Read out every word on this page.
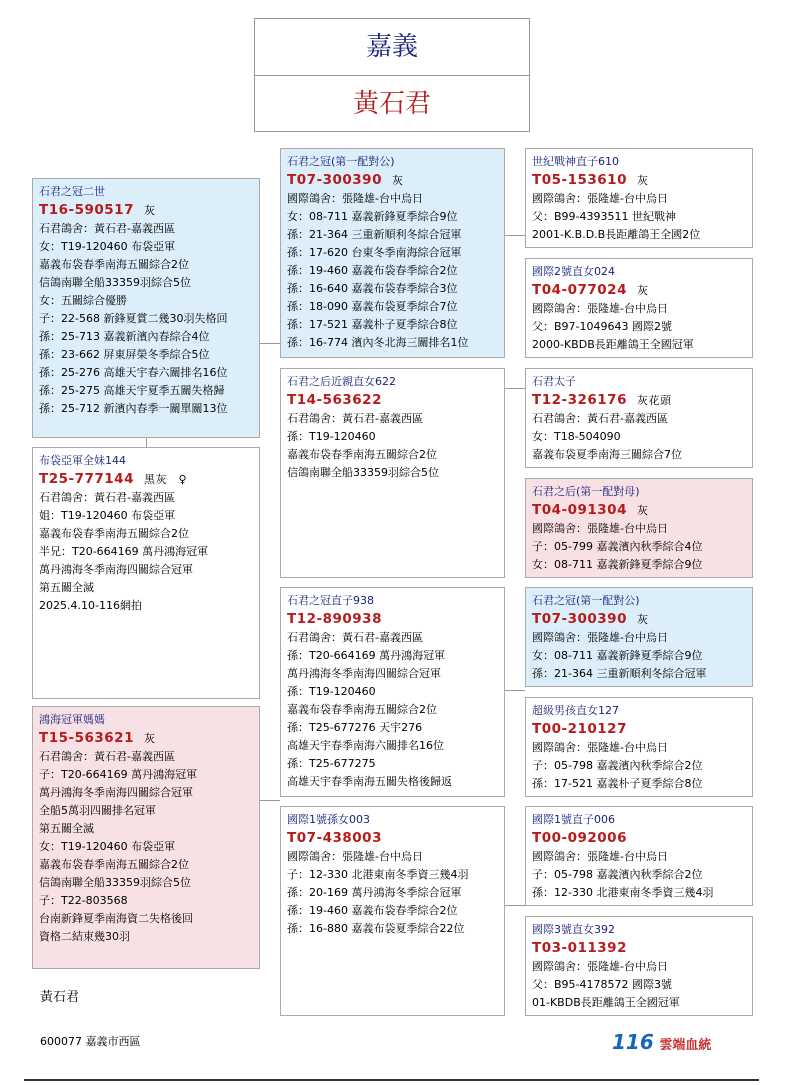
嘉義
黃石君
石君之冠二世
T16-590517 灰
石君鴿舍：黃石君-嘉義西區
女：T19-120460 布袋亞軍
嘉義布袋春季南海五關綜合2位
信鴿南聯全船33359羽綜合5位
女：五關綜合優勝
子：22-568 新鋒夏賞二幾30羽失格回
孫：25-713 嘉義新濱內春綜合4位
孫：23-662 屏東屏榮冬季綜合5位
孫：25-276 高雄天宇春六關排名16位
孫：25-275 高雄天宇夏季五關失格歸
孫：25-712 新濱內春季一關單關13位
布袋亞軍全妹144
T25-777144 黑灰　♀
石君鴿舍：黃石君-嘉義西區
姐：T19-120460 布袋亞軍
嘉義布袋春季南海五關綜合2位
半兄：T20-664169 萬丹鴻海冠軍
萬丹鴻海冬季南海四關綜合冠軍
第五關全滅
2025.4.10-116網拍
鴻海冠軍媽媽
T15-563621 灰
石君鴿舍：黃石君-嘉義西區
子：T20-664169 萬丹鴻海冠軍
萬丹鴻海冬季南海四關綜合冠軍
全船5萬羽四關排名冠軍
第五關全滅
女：T19-120460 布袋亞軍
嘉義布袋春季南海五關綜合2位
信鴿南聯全船33359羽綜合5位
子：T22-803568
台南新鋒夏季南海資二失格後回
資格二結束幾30羽
石君之冠(第一配對公)
T07-300390 灰
國際鴿舍：張隆雄-台中烏日
女：08-711 嘉義新鋒夏季綜合9位
孫：21-364 三重新順利冬綜合冠軍
孫：17-620 台東冬季南海綜合冠軍
孫：19-460 嘉義布袋春季綜合2位
孫：16-640 嘉義布袋春季綜合3位
孫：18-090 嘉義布袋夏季綜合7位
孫：17-521 嘉義朴子夏季綜合8位
孫：16-774 濱內冬北海三關排名1位
石君之后近親直女622
T14-563622
石君鴿舍：黃石君-嘉義西區
孫：T19-120460
嘉義布袋春季南海五關綜合2位
信鴿南聯全船33359羽綜合5位
石君之冠直子938
T12-890938
石君鴿舍：黃石君-嘉義西區
孫：T20-664169 萬丹鴻海冠軍
萬丹鴻海冬季南海四關綜合冠軍
孫：T19-120460
嘉義布袋春季南海五關綜合2位
孫：T25-677276 天宇276
高雄天宇春季南海六關排名16位
孫：T25-677275
高雄天宇春季南海五關失格後歸返
國際1號孫女003
T07-438003
國際鴿舍：張隆雄-台中烏日
子：12-330 北港東南冬季資三幾4羽
孫：20-169 萬丹鴻海冬季綜合冠軍
孫：19-460 嘉義布袋春季綜合2位
孫：16-880 嘉義布袋夏季綜合22位
世紀戰神直子610
T05-153610 灰
國際鴿舍：張隆雄-台中烏日
父：B99-4393511 世紀戰神
2001-K.B.D.B長距離鴿王全國2位
國際2號直女024
T04-077024 灰
國際鴿舍：張隆雄-台中烏日
父：B97-1049643 國際2號
2000-KBDB長距離鴿王全國冠軍
石君太子
T12-326176 灰花頭
石君鴿舍：黃石君-嘉義西區
女：T18-504090
嘉義布袋夏季南海三關綜合7位
石君之后(第一配對母)
T04-091304 灰
國際鴿舍：張隆雄-台中烏日
子：05-799 嘉義濱內秋季綜合4位
女：08-711 嘉義新鋒夏季綜合9位
石君之冠(第一配對公)
T07-300390 灰
國際鴿舍：張隆雄-台中烏日
女：08-711 嘉義新鋒夏季綜合9位
孫：21-364 三重新順利冬綜合冠軍
超級男孩直女127
T00-210127
國際鴿舍：張隆雄-台中烏日
子：05-798 嘉義濱內秋季綜合2位
孫：17-521 嘉義朴子夏季綜合8位
國際1號直子006
T00-092006
國際鴿舍：張隆雄-台中烏日
子：05-798 嘉義濱內秋季綜合2位
孫：12-330 北港東南冬季資三幾4羽
國際3號直女392
T03-011392
國際鴿舍：張隆雄-台中烏日
父：B95-4178572 國際3號
01-KBDB長距離鴿王全國冠軍
黃石君
600077 嘉義市西區	116 雲端血統
